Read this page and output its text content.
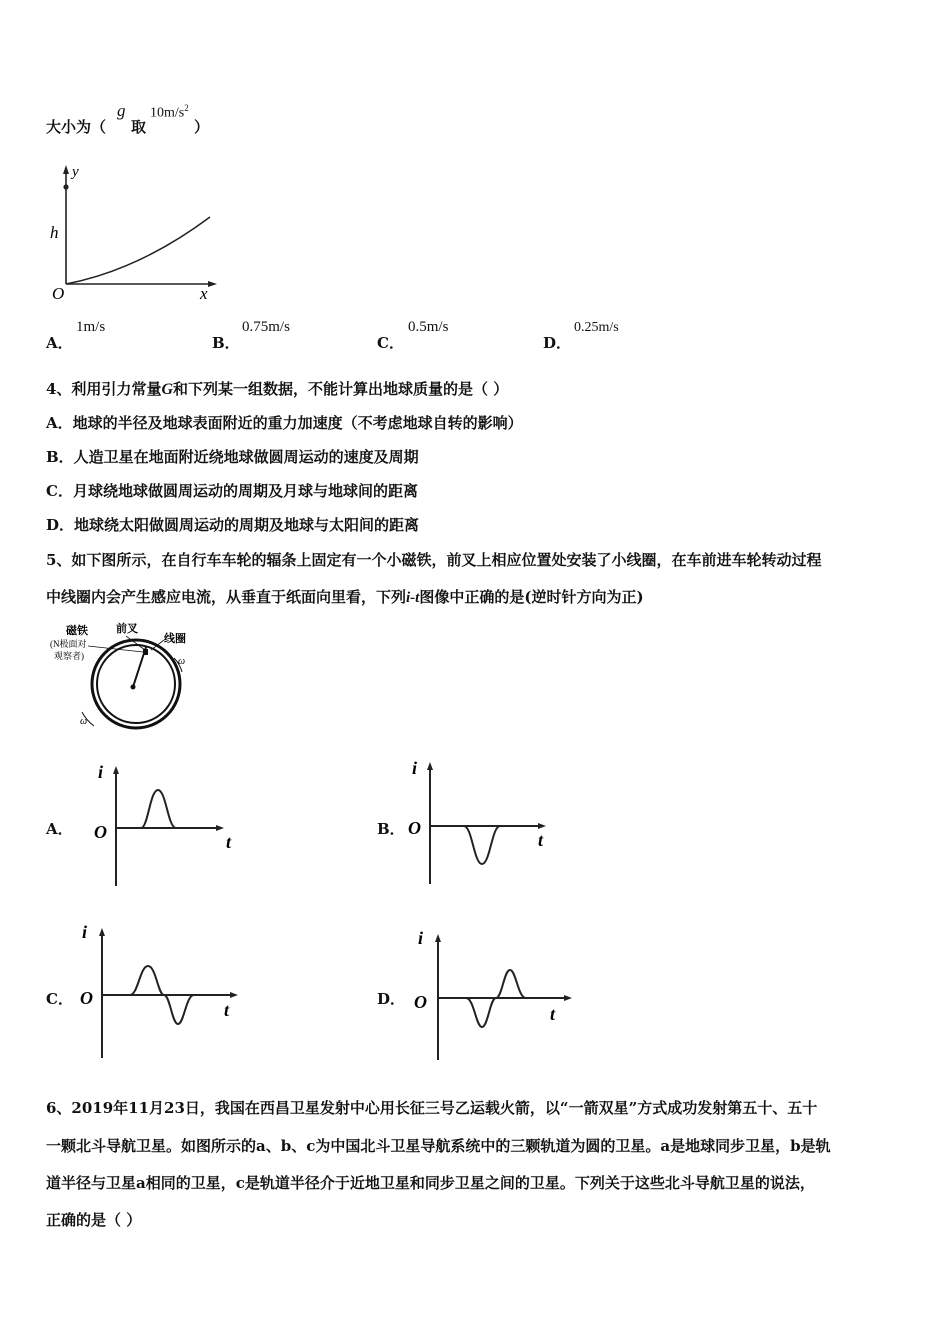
大小为（
g
取
$10m/s^2$
）
y
h
O	x
A．
1m/s
B．
0.75m/s
C．
0.5m/s
D．
0.25m/s
4、利用引力常量G和下列某一组数据，不能计算出地球质量的是（ ）
A．地球的半径及地球表面附近的重力加速度（不考虑地球自转的影响）
B．人造卫星在地面附近绕地球做圆周运动的速度及周期
C．月球绕地球做圆周运动的周期及月球与地球间的距离
D．地球绕太阳做圆周运动的周期及地球与太阳间的距离
5、如下图所示，在自行车车轮的辐条上固定有一个小磁铁，前叉上相应位置处安装了小线圈，在车前进车轮转动过程
中线圈内会产生感应电流，从垂直于纸面向里看，下列i-t图像中正确的是(逆时针方向为正)
磁铁
(N极面对
观察者)
前叉
线圈
ω
ω
A．
i
O	t
B．
i
O
t
C．
i
O
t
D．
i
O
t
6、2019年11月23日，我国在西昌卫星发射中心用长征三号乙运载火箭，以“一箭双星”方式成功发射第五十、五十
一颗北斗导航卫星。如图所示的a、b、c为中国北斗卫星导航系统中的三颗轨道为圆的卫星。a是地球同步卫星，b是轨
道半径与卫星a相同的卫星，c是轨道半径介于近地卫星和同步卫星之间的卫星。下列关于这些北斗导航卫星的说法，
正确的是（ ）
